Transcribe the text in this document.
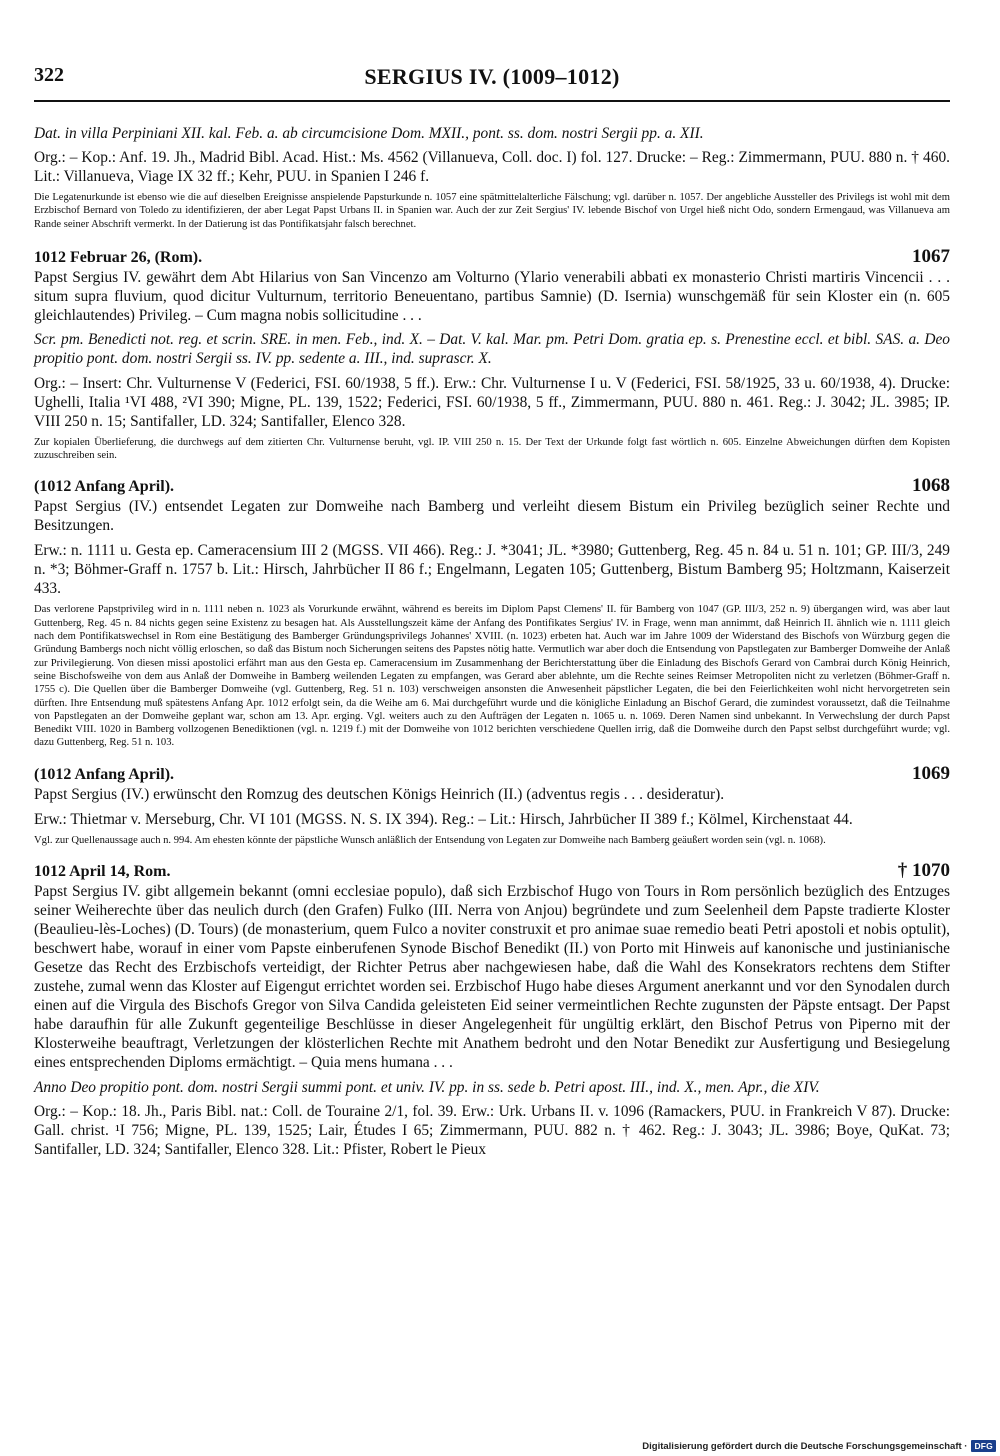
SERGIUS IV. (1009–1012)
322

Dat. in villa Perpiniani XII. kal. Feb. a. ab circumcisione Dom. MXII., pont. ss. dom. nostri Sergii pp. a. XII.

Org.: – Kop.: Anf. 19. Jh., Madrid Bibl. Acad. Hist.: Ms. 4562 (Villanueva, Coll. doc. I) fol. 127. Drucke: – Reg.: Zimmermann, PUU. 880 n. † 460. Lit.: Villanueva, Viage IX 32 ff.; Kehr, PUU. in Spanien I 246 f.

Die Legatenurkunde ist ebenso wie die auf dieselben Ereignisse anspielende Papsturkunde n. 1057 eine spätmittelalterliche Fälschung; vgl. darüber n. 1057. Der angebliche Aussteller des Privilegs ist wohl mit dem Erzbischof Bernard von Toledo zu identifizieren, der aber Legat Papst Urbans II. in Spanien war. Auch der zur Zeit Sergius' IV. lebende Bischof von Urgel hieß nicht Odo, sondern Ermengaud, was Villanueva am Rande seiner Abschrift vermerkt. In der Datierung ist das Pontifikatsjahr falsch berechnet.

1012 Februar 26, (Rom).	1067

Papst Sergius IV. gewährt dem Abt Hilarius von San Vincenzo am Volturno (Ylario venerabili abbati ex monasterio Christi martiris Vincencii . . . situm supra fluvium, quod dicitur Vulturnum, territorio Beneuentano, partibus Samnie) (D. Isernia) wunschgemäß für sein Kloster ein (n. 605 gleichlautendes) Privileg. – Cum magna nobis sollicitudine . . .

Scr. pm. Benedicti not. reg. et scrin. SRE. in men. Feb., ind. X. – Dat. V. kal. Mar. pm. Petri Dom. gratia ep. s. Prenestine eccl. et bibl. SAS. a. Deo propitio pont. dom. nostri Sergii ss. IV. pp. sedente a. III., ind. suprascr. X.

Org.: – Insert: Chr. Vulturnense V (Federici, FSI. 60/1938, 5 ff.). Erw.: Chr. Vulturnense I u. V (Federici, FSI. 58/1925, 33 u. 60/1938, 4). Drucke: Ughelli, Italia ¹VI 488, ²VI 390; Migne, PL. 139, 1522; Federici, FSI. 60/1938, 5 ff., Zimmermann, PUU. 880 n. 461. Reg.: J. 3042; JL. 3985; IP. VIII 250 n. 15; Santifaller, LD. 324; Santifaller, Elenco 328.

Zur kopialen Überlieferung, die durchwegs auf dem zitierten Chr. Vulturnense beruht, vgl. IP. VIII 250 n. 15. Der Text der Urkunde folgt fast wörtlich n. 605. Einzelne Abweichungen dürften dem Kopisten zuzuschreiben sein.

(1012 Anfang April).	1068

Papst Sergius (IV.) entsendet Legaten zur Domweihe nach Bamberg und verleiht diesem Bistum ein Privileg bezüglich seiner Rechte und Besitzungen.

Erw.: n. 1111 u. Gesta ep. Cameracensium III 2 (MGSS. VII 466). Reg.: J. *3041; JL. *3980; Guttenberg, Reg. 45 n. 84 u. 51 n. 101; GP. III/3, 249 n. *3; Böhmer-Graff n. 1757 b. Lit.: Hirsch, Jahrbücher II 86 f.; Engelmann, Legaten 105; Guttenberg, Bistum Bamberg 95; Holtzmann, Kaiserzeit 433.

Das verlorene Papstprivileg wird in n. 1111 neben n. 1023 als Vorurkunde erwähnt, während es bereits im Diplom Papst Clemens' II. für Bamberg von 1047 (GP. III/3, 252 n. 9) übergangen wird, was aber laut Guttenberg, Reg. 45 n. 84 nichts gegen seine Existenz zu besagen hat. Als Ausstellungszeit käme der Anfang des Pontifikates Sergius' IV. in Frage, wenn man annimmt, daß Heinrich II. ähnlich wie n. 1111 gleich nach dem Pontifikatswechsel in Rom eine Bestätigung des Bamberger Gründungsprivilegs Johannes' XVIII. (n. 1023) erbeten hat. Auch war im Jahre 1009 der Widerstand des Bischofs von Würzburg gegen die Gründung Bambergs noch nicht völlig erloschen, so daß das Bistum noch Sicherungen seitens des Papstes nötig hatte. Vermutlich war aber doch die Entsendung von Papstlegaten zur Bamberger Domweihe der Anlaß zur Privilegierung. Von diesen missi apostolici erfährt man aus den Gesta ep. Cameracensium im Zusammenhang der Berichterstattung über die Einladung des Bischofs Gerard von Cambrai durch König Heinrich, seine Bischofsweihe von dem aus Anlaß der Domweihe in Bamberg weilenden Legaten zu empfangen, was Gerard aber ablehnte, um die Rechte seines Reimser Metropoliten nicht zu verletzen (Böhmer-Graff n. 1755 c). Die Quellen über die Bamberger Domweihe (vgl. Guttenberg, Reg. 51 n. 103) verschweigen ansonsten die Anwesenheit päpstlicher Legaten, die bei den Feierlichkeiten wohl nicht hervorgetreten sein dürften. Ihre Entsendung muß spätestens Anfang Apr. 1012 erfolgt sein, da die Weihe am 6. Mai durchgeführt wurde und die königliche Einladung an Bischof Gerard, die zumindest voraussetzt, daß die Teilnahme von Papstlegaten an der Domweihe geplant war, schon am 13. Apr. erging. Vgl. weiters auch zu den Aufträgen der Legaten n. 1065 u. n. 1069. Deren Namen sind unbekannt. In Verwechslung der durch Papst Benedikt VIII. 1020 in Bamberg vollzogenen Benediktionen (vgl. n. 1219 f.) mit der Domweihe von 1012 berichten verschiedene Quellen irrig, daß die Domweihe durch den Papst selbst durchgeführt wurde; vgl. dazu Guttenberg, Reg. 51 n. 103.

(1012 Anfang April).	1069

Papst Sergius (IV.) erwünscht den Romzug des deutschen Königs Heinrich (II.) (adventus regis . . . desideratur).

Erw.: Thietmar v. Merseburg, Chr. VI 101 (MGSS. N. S. IX 394). Reg.: – Lit.: Hirsch, Jahrbücher II 389 f.; Kölmel, Kirchenstaat 44.

Vgl. zur Quellenaussage auch n. 994. Am ehesten könnte der päpstliche Wunsch anläßlich der Entsendung von Legaten zur Domweihe nach Bamberg geäußert worden sein (vgl. n. 1068).

1012 April 14, Rom.	† 1070

Papst Sergius IV. gibt allgemein bekannt (omni ecclesiae populo), daß sich Erzbischof Hugo von Tours in Rom persönlich bezüglich des Entzuges seiner Weiherechte über das neulich durch (den Grafen) Fulko (III. Nerra von Anjou) begründete und zum Seelenheil dem Papste tradierte Kloster (Beaulieu-lès-Loches) (D. Tours) (de monasterium, quem Fulco a noviter construxit et pro animae suae remedio beati Petri apostoli et nobis optulit), beschwert habe, worauf in einer vom Papste einberufenen Synode Bischof Benedikt (II.) von Porto mit Hinweis auf kanonische und justinianische Gesetze das Recht des Erzbischofs verteidigt, der Richter Petrus aber nachgewiesen habe, daß die Wahl des Konsekrators rechtens dem Stifter zustehe, zumal wenn das Kloster auf Eigengut errichtet worden sei. Erzbischof Hugo habe dieses Argument anerkannt und vor den Synodalen durch einen auf die Virgula des Bischofs Gregor von Silva Candida geleisteten Eid seiner vermeintlichen Rechte zugunsten der Päpste entsagt. Der Papst habe daraufhin für alle Zukunft gegenteilige Beschlüsse in dieser Angelegenheit für ungültig erklärt, den Bischof Petrus von Piperno mit der Klosterweihe beauftragt, Verletzungen der klösterlichen Rechte mit Anathem bedroht und den Notar Benedikt zur Ausfertigung und Besiegelung eines entsprechenden Diploms ermächtigt. – Quia mens humana . . .

Anno Deo propitio pont. dom. nostri Sergii summi pont. et univ. IV. pp. in ss. sede b. Petri apost. III., ind. X., men. Apr., die XIV.

Org.: – Kop.: 18. Jh., Paris Bibl. nat.: Coll. de Touraine 2/1, fol. 39. Erw.: Urk. Urbans II. v. 1096 (Ramackers, PUU. in Frankreich V 87). Drucke: Gall. christ. ¹I 756; Migne, PL. 139, 1525; Lair, Études I 65; Zimmermann, PUU. 882 n. † 462. Reg.: J. 3043; JL. 3986; Boye, QuKat. 73; Santifaller, LD. 324; Santifaller, Elenco 328. Lit.: Pfister, Robert le Pieux

Digitalisierung gefördert durch die Deutsche Forschungsgemeinschaft · DFG
